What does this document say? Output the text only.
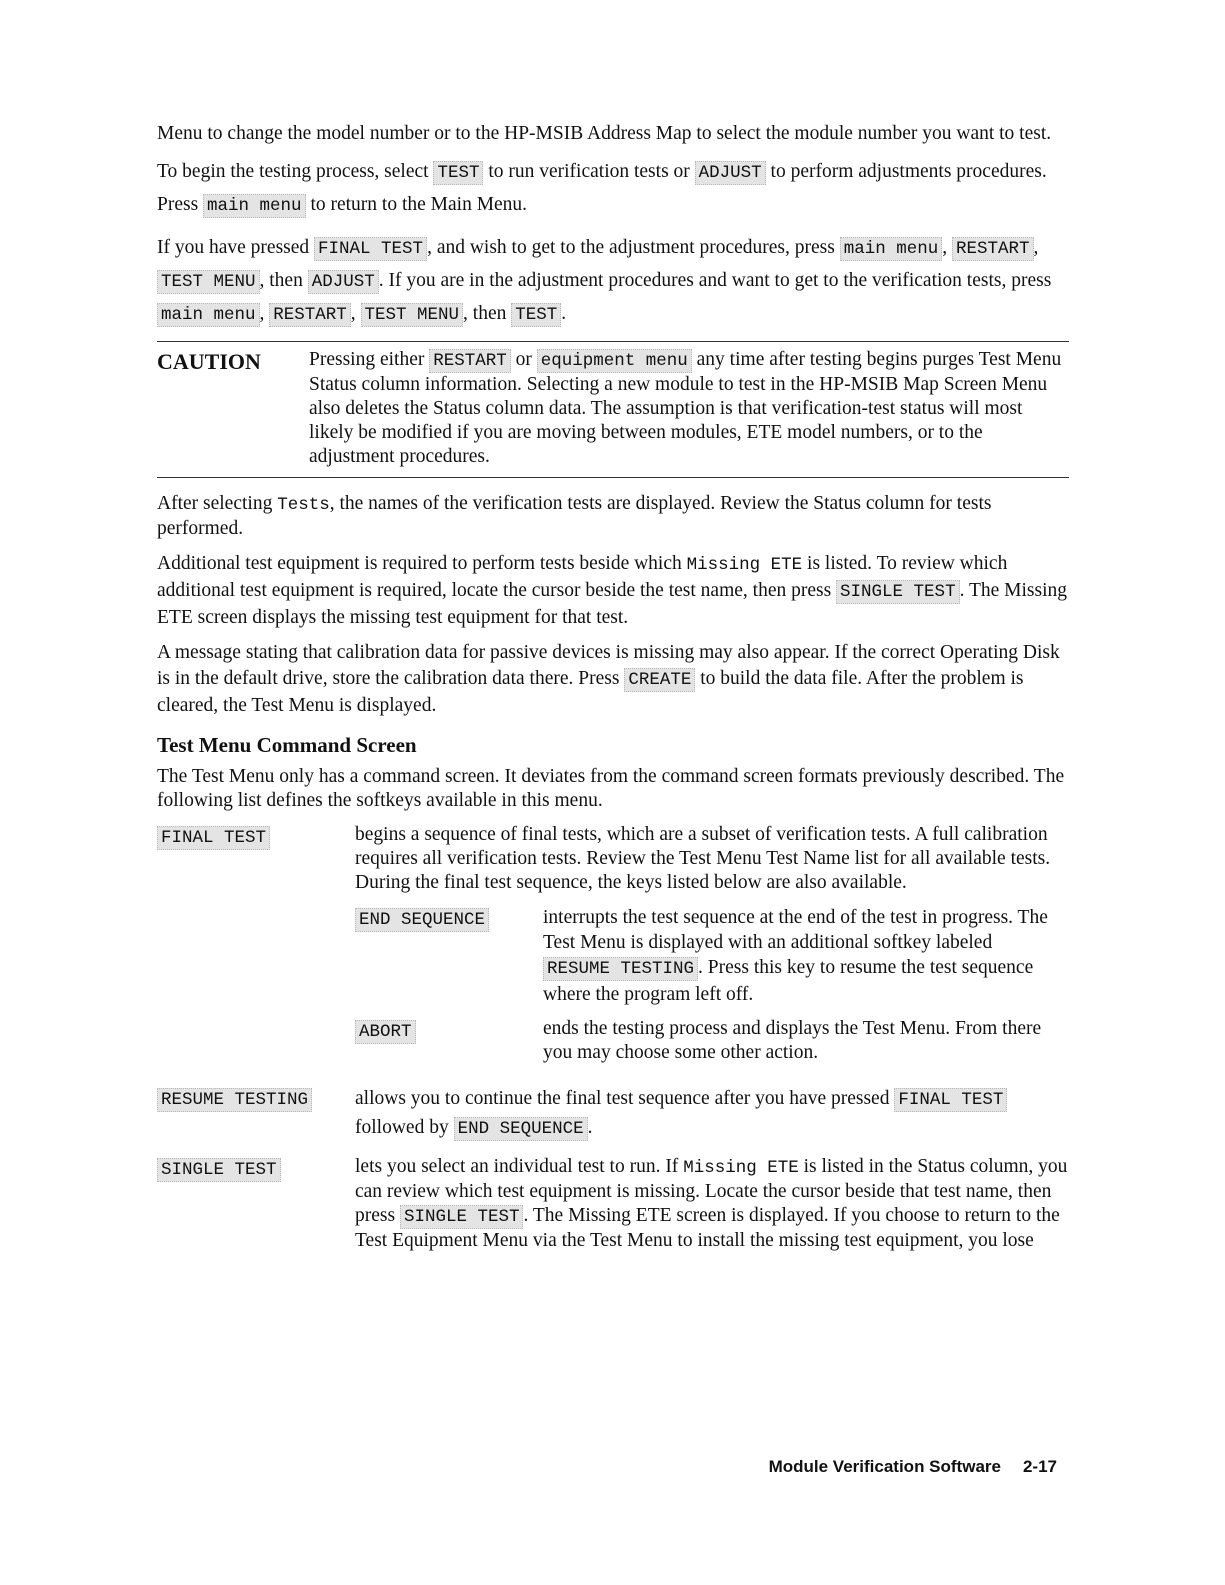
Menu to change the model number or to the HP-MSIB Address Map to select the module number you want to test.

To begin the testing process, select TEST to run verification tests or ADJUST to perform adjustments procedures. Press main menu to return to the Main Menu.

If you have pressed FINAL TEST , and wish to get to the adjustment procedures, press main menu , RESTART , TEST MENU , then ADJUST . If you are in the adjustment procedures and want to get to the verification tests, press main menu , RESTART , TEST MENU , then TEST .

CAUTION	Pressing either RESTART or equipment menu any time after testing begins purges Test Menu Status column information. Selecting a new module to test in the HP-MSIB Map Screen Menu also deletes the Status column data. The assumption is that verification-test status will most likely be modified if you are moving between modules, ETE model numbers, or to the adjustment procedures.

After selecting Tests, the names of the verification tests are displayed. Review the Status column for tests performed.

Additional test equipment is required to perform tests beside which Missing ETE is listed. To review which additional test equipment is required, locate the cursor beside the test name, then press SINGLE TEST . The Missing ETE screen displays the missing test equipment for that test.

A message stating that calibration data for passive devices is missing may also appear. If the correct Operating Disk is in the default drive, store the calibration data there. Press CREATE to build the data file. After the problem is cleared, the Test Menu is displayed.

Test Menu Command Screen

The Test Menu only has a command screen. It deviates from the command screen formats previously described. The following list defines the softkeys available in this menu.

FINAL TEST	begins a sequence of final tests, which are a subset of verification tests. A full calibration requires all verification tests. Review the Test Menu Test Name list for all available tests. During the final test sequence, the keys listed below are also available.
END SEQUENCE	interrupts the test sequence at the end of the test in progress. The Test Menu is displayed with an additional softkey labeled RESUME TESTING . Press this key to resume the test sequence where the program left off.
ABORT	ends the testing process and displays the Test Menu. From there you may choose some other action.
RESUME TESTING	allows you to continue the final test sequence after you have pressed FINAL TEST followed by END SEQUENCE .
SINGLE TEST	lets you select an individual test to run. If Missing ETE is listed in the Status column, you can review which test equipment is missing. Locate the cursor beside that test name, then press SINGLE TEST . The Missing ETE screen is displayed. If you choose to return to the Test Equipment Menu via the Test Menu to install the missing test equipment, you lose
Module Verification Software 2-17
